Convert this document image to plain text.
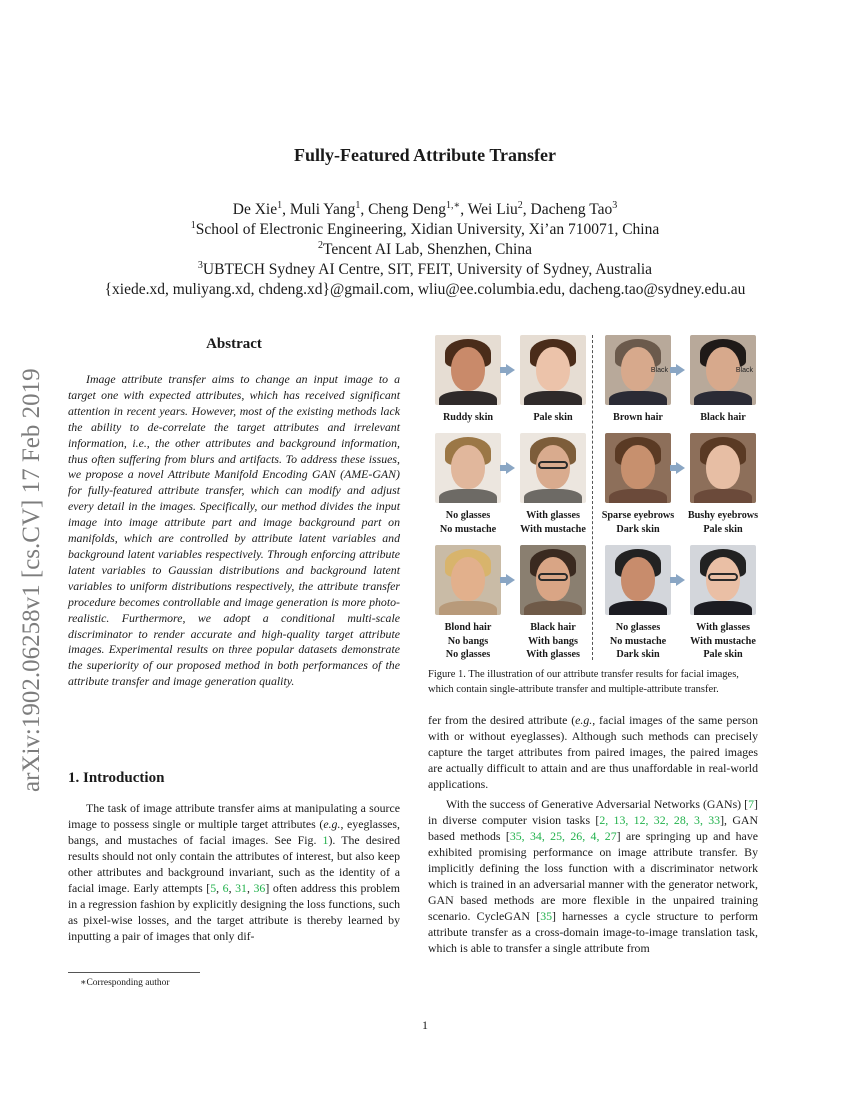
arXiv:1902.06258v1 [cs.CV] 17 Feb 2019
Fully-Featured Attribute Transfer
De Xie$^1$, Muli Yang$^1$, Cheng Deng$^{1,∗}$, Wei Liu$^2$, Dacheng Tao$^3$
$^1$School of Electronic Engineering, Xidian University, Xi’an 710071, China
$^2$Tencent AI Lab, Shenzhen, China
$^3$UBTECH Sydney AI Centre, SIT, FEIT, University of Sydney, Australia
{xiede.xd, muliyang.xd, chdeng.xd}@gmail.com, wliu@ee.columbia.edu, dacheng.tao@sydney.edu.au
Abstract
Image attribute transfer aims to change an input image to a target one with expected attributes, which has received significant attention in recent years. However, most of the existing methods lack the ability to de-correlate the target attributes and irrelevant information, i.e., the other attributes and background information, thus often suffering from blurs and artifacts. To address these issues, we propose a novel Attribute Manifold Encoding GAN (AME-GAN) for fully-featured attribute transfer, which can modify and adjust every detail in the images. Specifically, our method divides the input image into image attribute part and image background part on manifolds, which are controlled by attribute latent variables and background latent variables respectively. Through enforcing attribute latent variables to Gaussian distributions and background latent variables to uniform distributions respectively, the attribute transfer procedure becomes controllable and image generation is more photo-realistic. Furthermore, we adopt a conditional multi-scale discriminator to render accurate and high-quality target attribute images. Experimental results on three popular datasets demonstrate the superiority of our proposed method in both performances of the attribute transfer and image generation quality.
1. Introduction
The task of image attribute transfer aims at manipulating a source image to possess single or multiple target attributes (e.g., eyeglasses, bangs, and mustaches of facial images. See Fig. 1). The desired results should not only contain the attributes of interest, but also keep other attributes and background invariant, such as the identity of a facial image. Early attempts [5, 6, 31, 36] often address this problem in a regression fashion by explicitly designing the loss functions, such as pixel-wise losses, and the target attribute is thereby learned by inputting a pair of images that only dif-
∗Corresponding author
Ruddy skin	Pale skin
Black
Brown hair
Black
Black hair
No glasses
No mustache
With glasses
With mustache
Sparse eyebrows
Dark skin
Bushy eyebrows
Pale skin
Blond hair
No bangs
No glasses
Black hair
With bangs
With glasses
No glasses
No mustache
Dark skin
With glasses
With mustache
Pale skin
Figure 1. The illustration of our attribute transfer results for facial images, which contain single-attribute transfer and multiple-attribute transfer.

fer from the desired attribute (e.g., facial images of the same person with or without eyeglasses). Although such methods can precisely capture the target attributes from paired images, the paired images are actually difficult to attain and are thus unaffordable in real-world applications.

With the success of Generative Adversarial Networks (GANs) [7] in diverse computer vision tasks [2, 13, 12, 32, 28, 3, 33], GAN based methods [35, 34, 25, 26, 4, 27] are springing up and have exhibited promising performance on image attribute transfer. By implicitly defining the loss function with a discriminator network which is trained in an adversarial manner with the generator network, GAN based methods are more flexible in the unpaired training scenario. CycleGAN [35] harnesses a cycle structure to perform attribute transfer as a cross-domain image-to-image translation task, which is able to transfer a single attribute from

1
